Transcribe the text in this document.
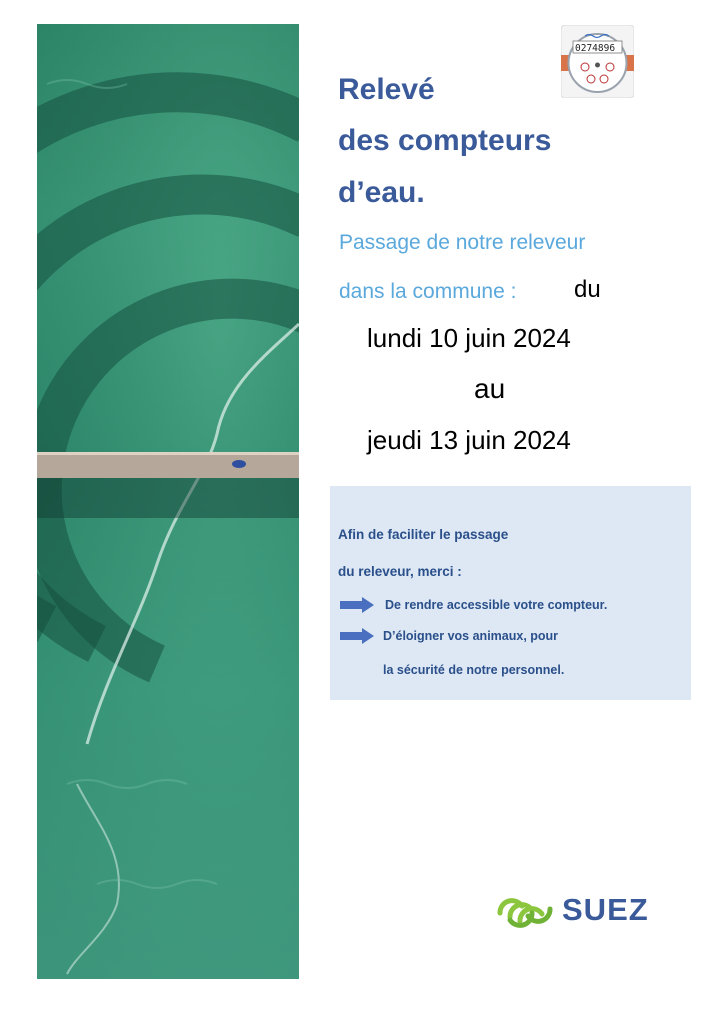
0274896
Relevé
des compteurs
d’eau.
Passage de notre releveur
dans la commune : du
lundi 10 juin 2024
au
jeudi 13 juin 2024
Afin de faciliter le passage
du releveur, merci :
De rendre accessible votre compteur.
D’éloigner vos animaux, pour
la sécurité de notre personnel.
SUEZ
